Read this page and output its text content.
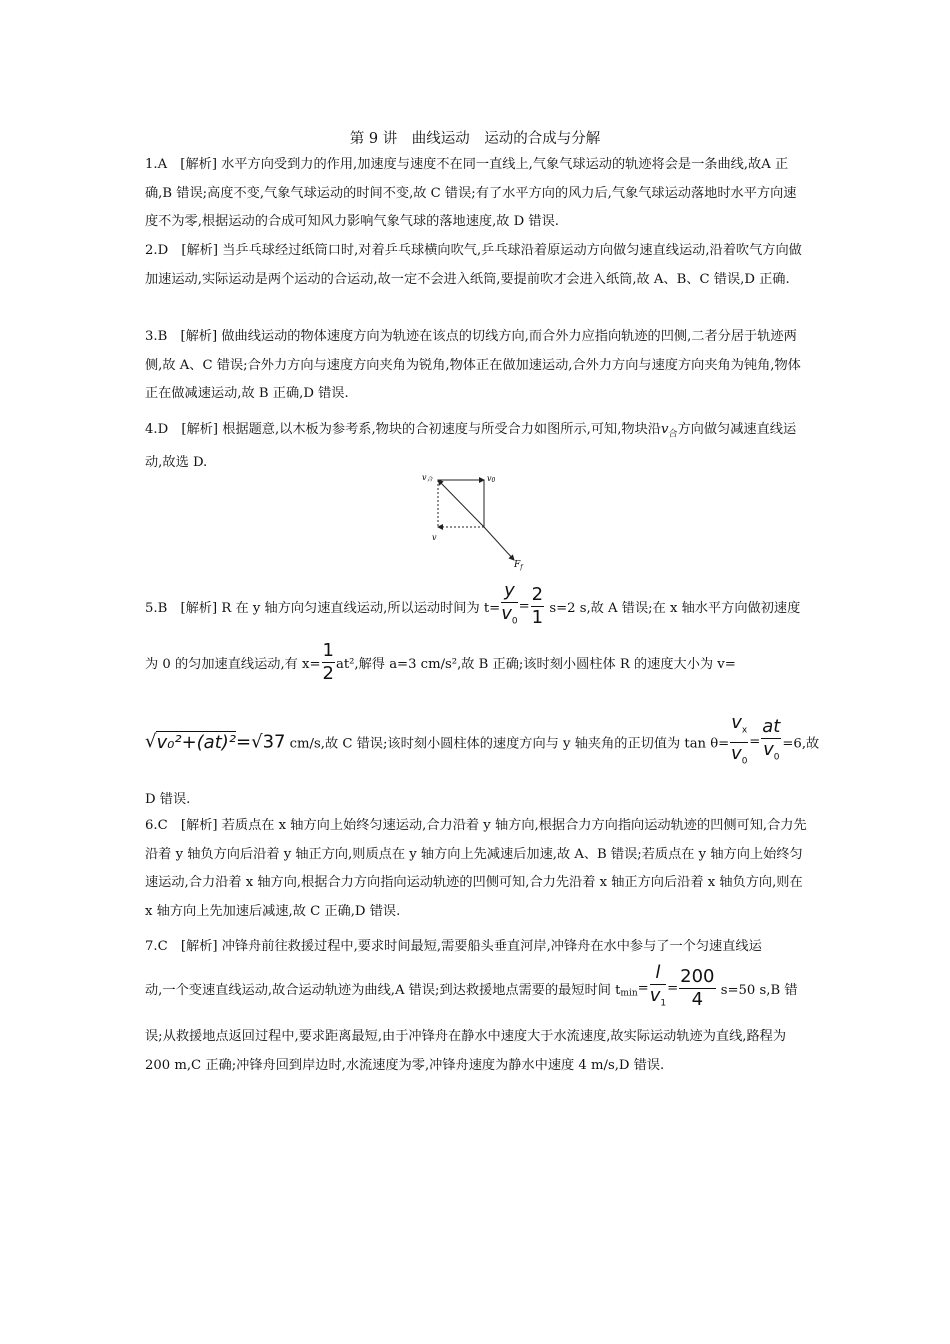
第 9 讲　曲线运动　运动的合成与分解

1.A　[解析] 水平方向受到力的作用,加速度与速度不在同一直线上,气象气球运动的轨迹将会是一条曲线,故A 正确,B 错误;高度不变,气象气球运动的时间不变,故 C 错误;有了水平方向的风力后,气象气球运动落地时水平方向速度不为零,根据运动的合成可知风力影响气象气球的落地速度,故 D 错误.

2.D　[解析] 当乒乓球经过纸筒口时,对着乒乓球横向吹气,乒乓球沿着原运动方向做匀速直线运动,沿着吹气方向做加速运动,实际运动是两个运动的合运动,故一定不会进入纸筒,要提前吹才会进入纸筒,故 A、B、C 错误,D 正确.

3.B　[解析] 做曲线运动的物体速度方向为轨迹在该点的切线方向,而合外力应指向轨迹的凹侧,二者分居于轨迹两侧,故 A、C 错误;合外力方向与速度方向夹角为锐角,物体正在做加速运动,合外力方向与速度方向夹角为钝角,物体正在做减速运动,故 B 正确,D 错误.

4.D　[解析] 根据题意,以木板为参考系,物块的合初速度与所受合力如图所示,可知,物块沿$v_合$方向做匀减速直线运动,故选 D.

v合	v0
v
$F_f$
5.B　[解析] R 在 y 轴方向匀速直线运动,所以运动时间为 $t= \frac{y}{v_0} = \frac{2}{1} s=2$ s,故 A 错误;在 x 轴水平方向做初速度
为 0 的匀加速直线运动,有 $x= \frac{1}{2} at^2$,解得 a=3 cm/s²,故 B 正确;该时刻小圆柱体 R 的速度大小为 v=
√v₀²+(at)²=√37 cm/s,故 C 错误;该时刻小圆柱体的速度方向与 y 轴夹角的正切值为 $\tan \theta= \frac{v_x}{v_0} = \frac{at}{v_0} =6$,故
D 错误.

6.C　[解析] 若质点在 x 轴方向上始终匀速运动,合力沿着 y 轴方向,根据合力方向指向运动轨迹的凹侧可知,合力先沿着 y 轴负方向后沿着 y 轴正方向,则质点在 y 轴方向上先减速后加速,故 A、B 错误;若质点在 y 轴方向上始终匀速运动,合力沿着 x 轴方向,根据合力方向指向运动轨迹的凹侧可知,合力先沿着 x 轴正方向后沿着 x 轴负方向,则在 x 轴方向上先加速后减速,故 C 正确,D 错误.

7.C　[解析] 冲锋舟前往救援过程中,要求时间最短,需要船头垂直河岸,冲锋舟在水中参与了一个匀速直线运
动,一个变速直线运动,故合运动轨迹为曲线,A 错误;到达救援地点需要的最短时间 $t_{min}= \frac{l}{v_1} = \frac{200}{4} s=50$ s,B 错

误;从救援地点返回过程中,要求距离最短,由于冲锋舟在静水中速度大于水流速度,故实际运动轨迹为直线,路程为 200 m,C 正确;冲锋舟回到岸边时,水流速度为零,冲锋舟速度为静水中速度 4 m/s,D 错误.
